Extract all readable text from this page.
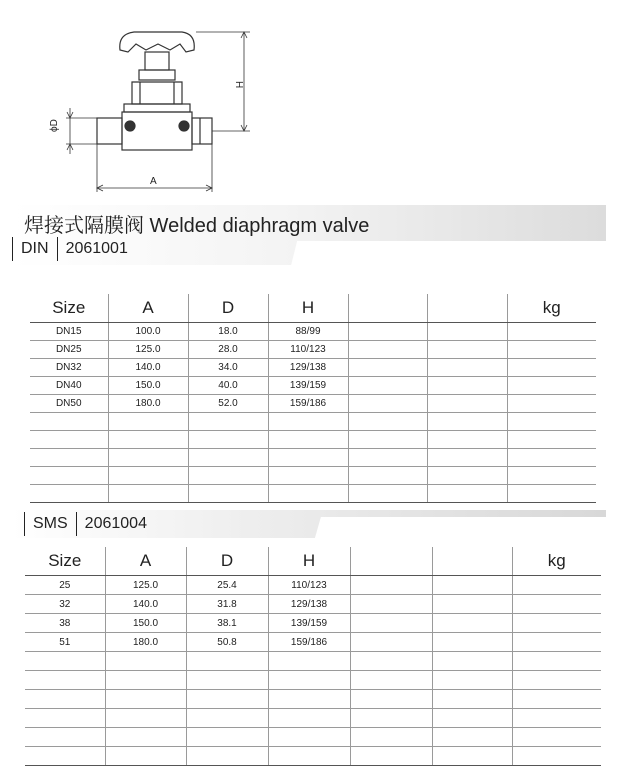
H
ϕD
A
焊接式隔膜阀 Welded diaphragm valve
DIN	2061001
Size	A	D	H			kg
DN15	100.0	18.0	88/99			
DN25	125.0	28.0	110/123			
DN32	140.0	34.0	129/138			
DN40	150.0	40.0	139/159			
DN50	180.0	52.0	159/186			

SMS	2061004
Size	A	D	H			kg
25	125.0	25.4	110/123			
32	140.0	31.8	129/138			
38	150.0	38.1	139/159			
51	180.0	50.8	159/186			
